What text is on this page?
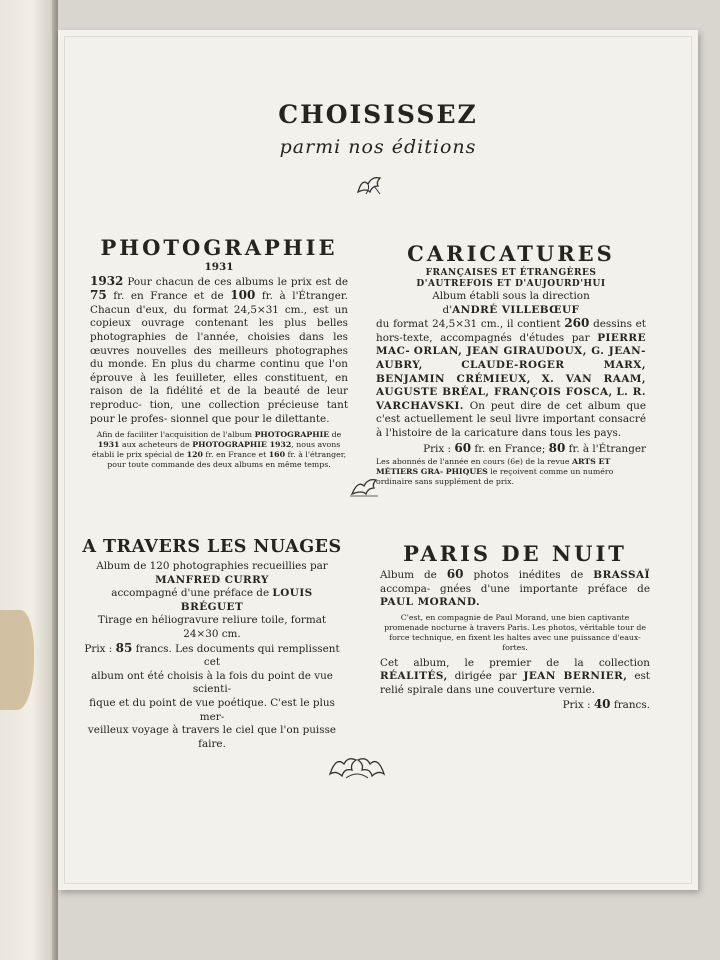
CHOISISSEZ
parmi nos éditions
PHOTOGRAPHIE

1931

1932 Pour chacun de ces albums le prix est de 75 fr. en France et de 100 fr. à l'Étranger. Chacun d'eux, du format 24,5×31 cm., est un copieux ouvrage contenant les plus belles photographies de l'année, choisies dans les œuvres nouvelles des meilleurs photographes du monde. En plus du charme continu que l'on éprouve à les feuilleter, elles constituent, en raison de la fidélité et de la beauté de leur reproduc- tion, une collection précieuse tant pour le profes- sionnel que pour le dilettante.

Afin de faciliter l'acquisition de l'album PHOTOGRAPHIE de 1931 aux acheteurs de PHOTOGRAPHIE 1932, nous avons établi le prix spécial de 120 fr. en France et 160 fr. à l'étranger, pour toute commande des deux albums en même temps.

CARICATURES

FRANÇAISES ET ÉTRANGÈRES

D'AUTREFOIS ET D'AUJOURD'HUI

Album établi sous la direction

d'ANDRÉ VILLEBŒUF

du format 24,5×31 cm., il contient 260 dessins et hors-texte, accompagnés d'études par PIERRE MAC- ORLAN, JEAN GIRAUDOUX, G. JEAN-AUBRY,	CLAUDE-ROGER MARX, BENJAMIN CRÉMIEUX, X. VAN RAAM, AUGUSTE BRÉAL, FRANÇOIS FOSCA, L. R. VARCHAVSKI. On peut dire de cet album que c'est actuellement le seul livre important consacré à l'histoire de la caricature dans tous les pays.

Prix : 60 fr. en France; 80 fr. à l'Étranger

Les abonnés de l'année en cours (6e) de la revue ARTS ET MÉTIERS GRA- PHIQUES le reçoivent comme un numéro ordinaire sans supplément de prix.

A TRAVERS LES NUAGES

Album de 120 photographies recueillies par

MANFRED CURRY

accompagné d'une préface de LOUIS BRÉGUET

Tirage en héliogravure reliure toile, format 24×30 cm.

Prix : 85 francs. Les documents qui remplissent cet

album ont été choisis à la fois du point de vue scienti-

fique et du point de vue poétique. C'est le plus mer-

veilleux voyage à travers le ciel que l'on puisse faire.

PARIS DE NUIT

Album de 60 photos inédites de BRASSAÏ accompa- gnées d'une importante préface de PAUL MORAND.

C'est, en compagnie de Paul Morand, une bien captivante promenade nocturne à travers Paris. Les photos, véritable tour de force technique, en fixent les haltes avec une puissance d'eaux-fortes.

Cet album, le premier de la collection RÉALITÉS, dirigée par JEAN BERNIER, est relié spirale dans une couverture vernie.

Prix : 40 francs.
